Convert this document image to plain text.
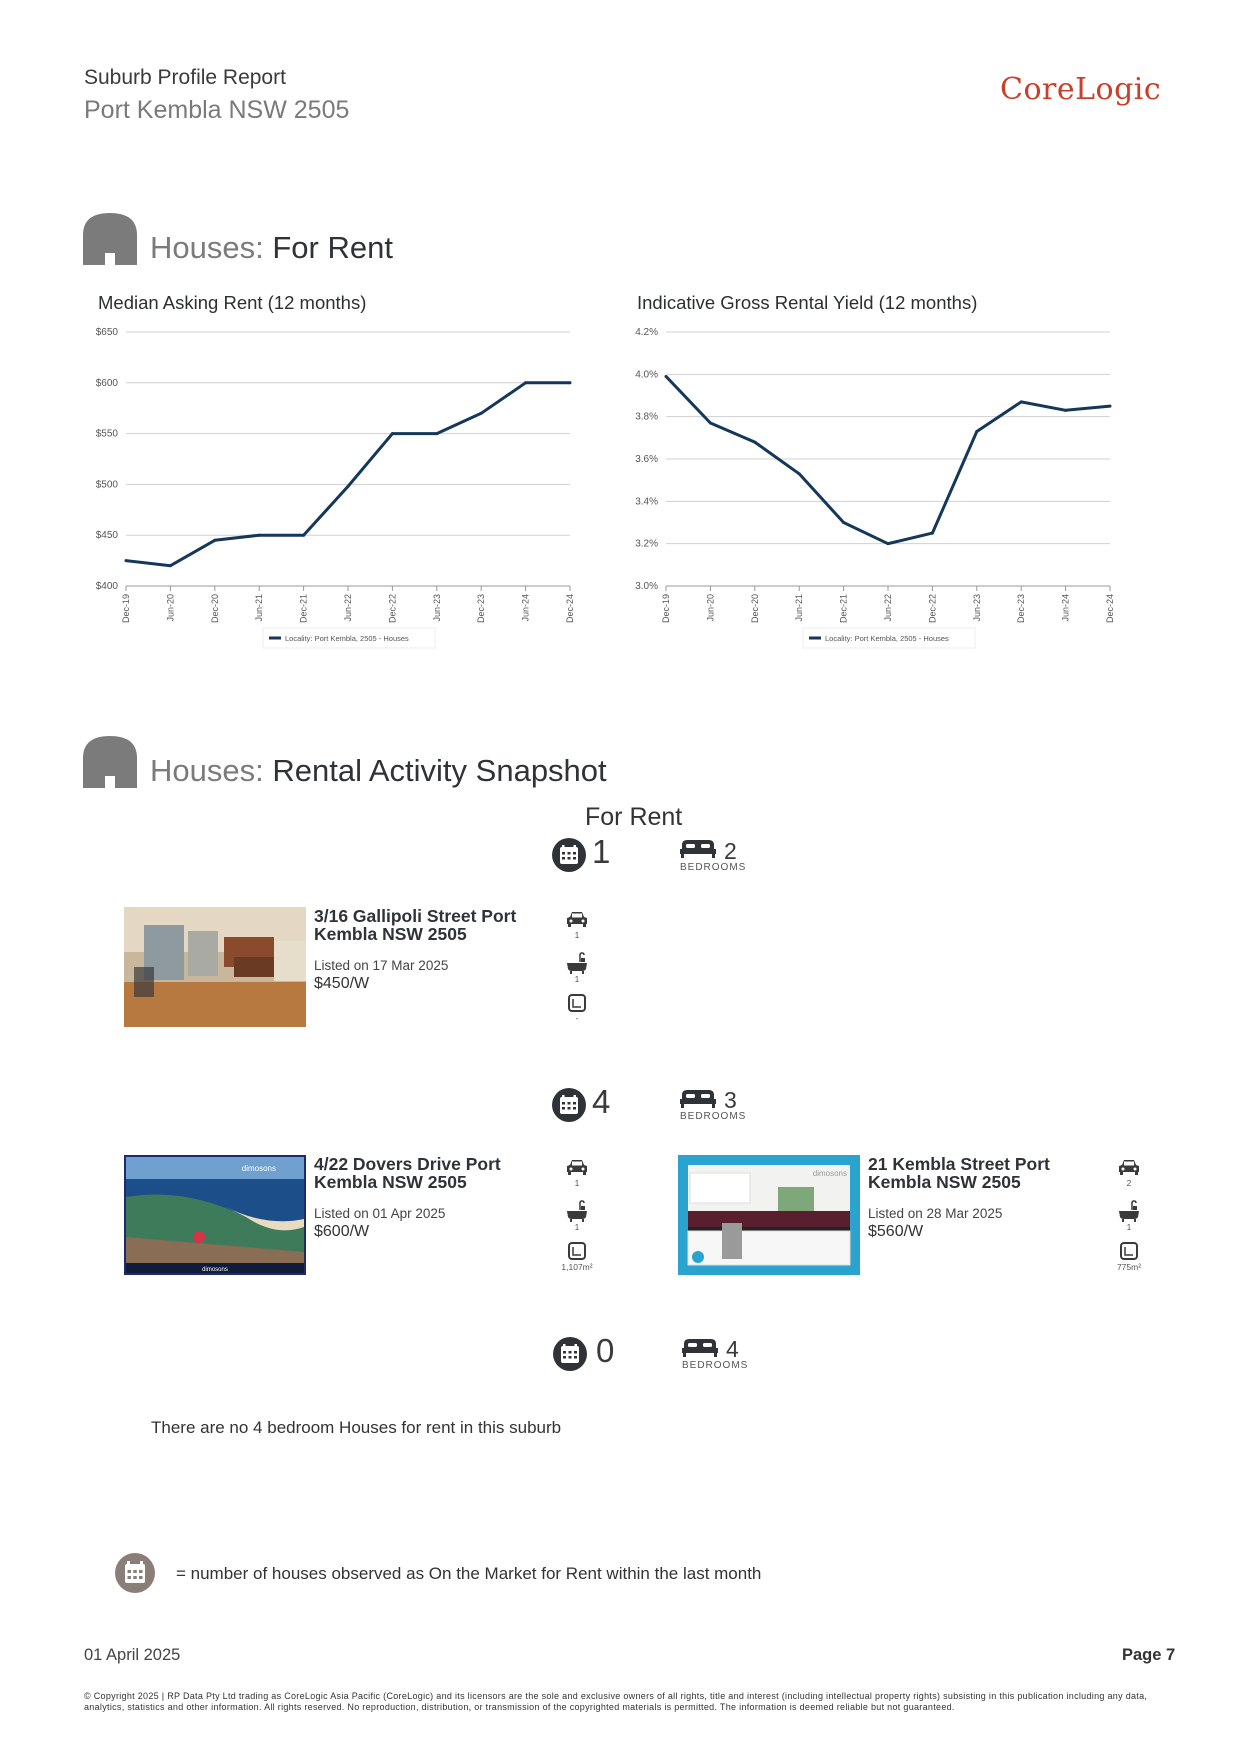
Suburb Profile Report
Port Kembla NSW 2505
CoreLogic
Houses: For Rent
Median Asking Rent (12 months)
$400
$450
$500
$550
$600
$650
Dec-19	Jun-20	Dec-20	Jun-21	Dec-21	Jun-22	Dec-22	Jun-23	Dec-23	Jun-24	Dec-24
Locality: Port Kembla, 2505 - Houses
Indicative Gross Rental Yield (12 months)
3.0%
3.2%
3.4%
3.6%
3.8%
4.0%
4.2%
Dec-19	Jun-20	Dec-20	Jun-21	Dec-21	Jun-22	Dec-22	Jun-23	Dec-23	Jun-24	Dec-24
Locality: Port Kembla, 2505 - Houses
Houses: Rental Activity Snapshot
For Rent
1	2
BEDROOMS
3/16 Gallipoli Street Port Kembla NSW 2505
Listed on 17 Mar 2025
$450/W
1
1
-
4	3
BEDROOMS
dimosons
dimosons
4/22 Dovers Drive Port Kembla NSW 2505
Listed on 01 Apr 2025
$600/W
1
1
1,107m²
dimosons 21 Kembla Street Port Kembla NSW 2505
Listed on 28 Mar 2025
$560/W
2
1
775m²
0	4
BEDROOMS
There are no 4 bedroom Houses for rent in this suburb
= number of houses observed as On the Market for Rent within the last month
01 April 2025	Page 7
© Copyright 2025 | RP Data Pty Ltd trading as CoreLogic Asia Pacific (CoreLogic) and its licensors are the sole and exclusive owners of all rights, title and interest (including intellectual property rights) subsisting in this publication including any data, analytics, statistics and other information. All rights reserved. No reproduction, distribution, or transmission of the copyrighted materials is permitted. The information is deemed reliable but not guaranteed.
